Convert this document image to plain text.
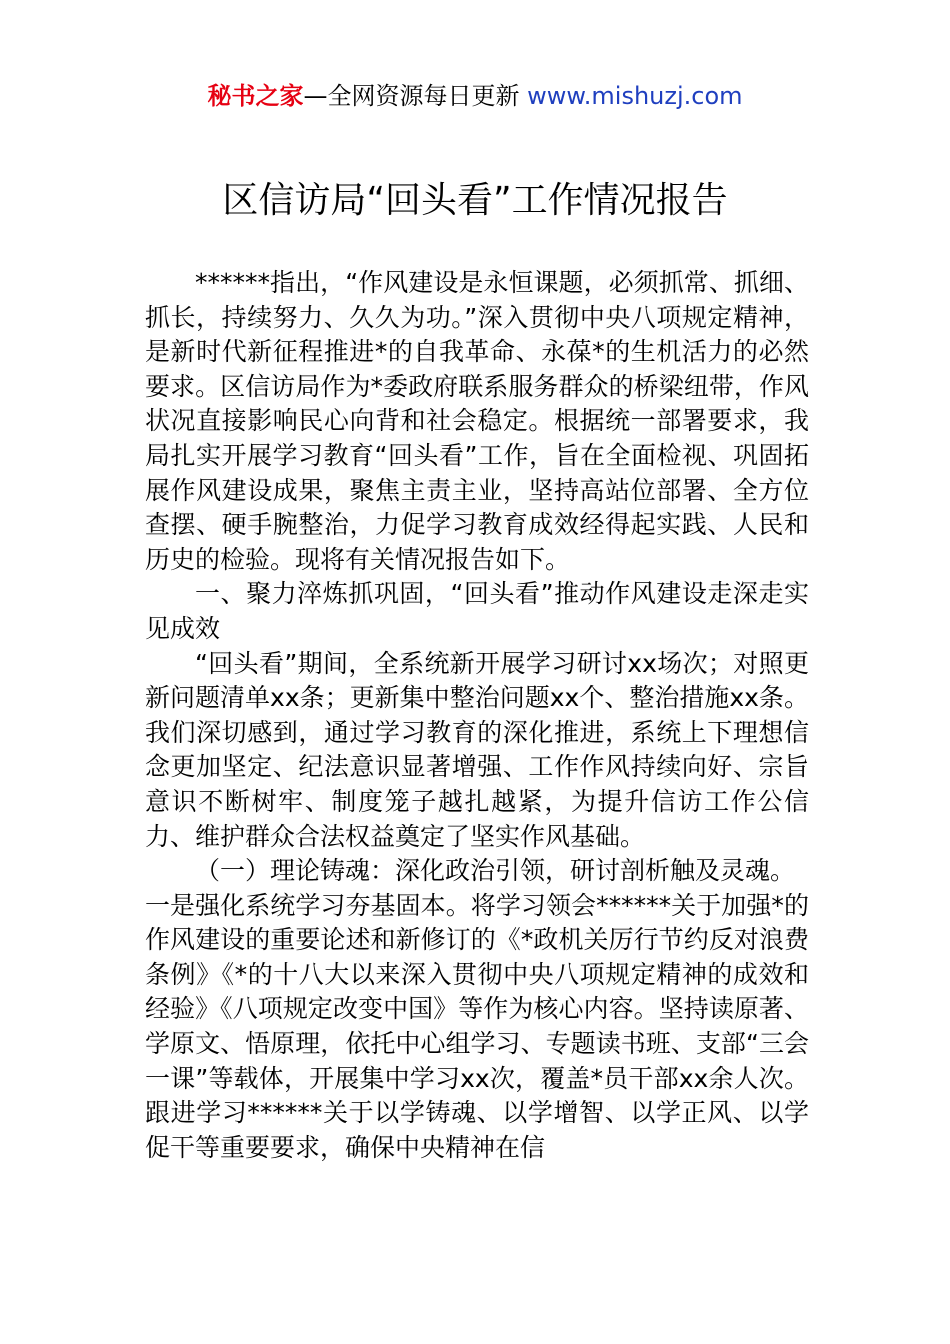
秘书之家—全网资源每日更新 www.mishuzj.com
区信访局“回头看”工作情况报告

******指出，“作风建设是永恒课题，必须抓常、抓细、抓长，持续努力、久久为功。”深入贯彻中央八项规定精神，是新时代新征程推进*的自我革命、永葆*的生机活力的必然要求。区信访局作为*委政府联系服务群众的桥梁纽带，作风状况直接影响民心向背和社会稳定。根据统一部署要求，我局扎实开展学习教育“回头看”工作，旨在全面检视、巩固拓展作风建设成果，聚焦主责主业，坚持高站位部署、全方位查摆、硬手腕整治，力促学习教育成效经得起实践、人民和历史的检验。现将有关情况报告如下。

一、聚力淬炼抓巩固，“回头看”推动作风建设走深走实见成效

“回头看”期间，全系统新开展学习研讨xx场次；对照更新问题清单xx条；更新集中整治问题xx个、整治措施xx条。我们深切感到，通过学习教育的深化推进，系统上下理想信念更加坚定、纪法意识显著增强、工作作风持续向好、宗旨意识不断树牢、制度笼子越扎越紧，为提升信访工作公信力、维护群众合法权益奠定了坚实作风基础。

（一）理论铸魂：深化政治引领，研讨剖析触及灵魂。

一是强化系统学习夯基固本。将学习领会******关于加强*的作风建设的重要论述和新修订的《*政机关厉行节约反对浪费条例》《*的十八大以来深入贯彻中央八项规定精神的成效和经验》《八项规定改变中国》等作为核心内容。坚持读原著、学原文、悟原理，依托中心组学习、专题读书班、支部“三会一课”等载体，开展集中学习xx次，覆盖*员干部xx余人次。跟进学习******关于以学铸魂、以学增智、以学正风、以学促干等重要要求，确保中央精神在信
